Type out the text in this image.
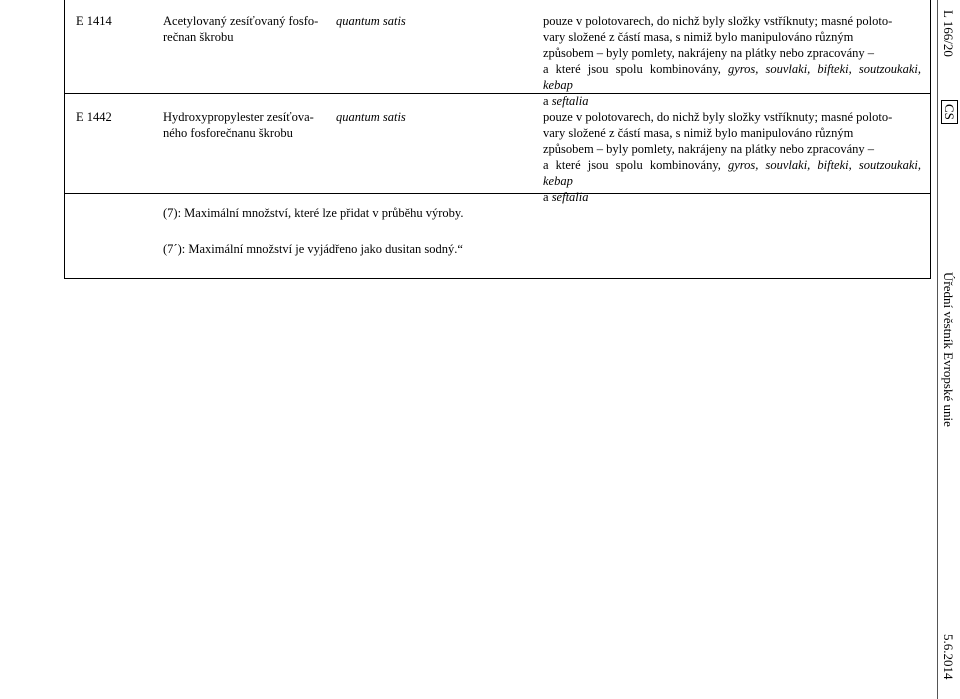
E 1414	Acetylovaný zesíťovaný fosfo-
rečnan škrobu
quantum satis	pouze v polotovarech, do nichž byly složky vstříknuty; masné poloto-
vary složené z částí masa, s nimiž bylo manipulováno různým
způsobem – byly pomlety, nakrájeny na plátky nebo zpracovány –
a které jsou spolu kombinovány, gyros, souvlaki, bifteki, soutzoukaki, kebap
a seftalia
E 1442	Hydroxypropylester zesíťova-
ného fosforečnanu škrobu
quantum satis	pouze v polotovarech, do nichž byly složky vstříknuty; masné poloto-
vary složené z částí masa, s nimiž bylo manipulováno různým
způsobem – byly pomlety, nakrájeny na plátky nebo zpracovány –
a které jsou spolu kombinovány, gyros, souvlaki, bifteki, soutzoukaki, kebap
a seftalia
(7): Maximální množství, které lze přidat v průběhu výroby.
(7´): Maximální množství je vyjádřeno jako dusitan sodný.“
L 166/20
CS
Úřední věstník Evropské unie
5.6.2014
